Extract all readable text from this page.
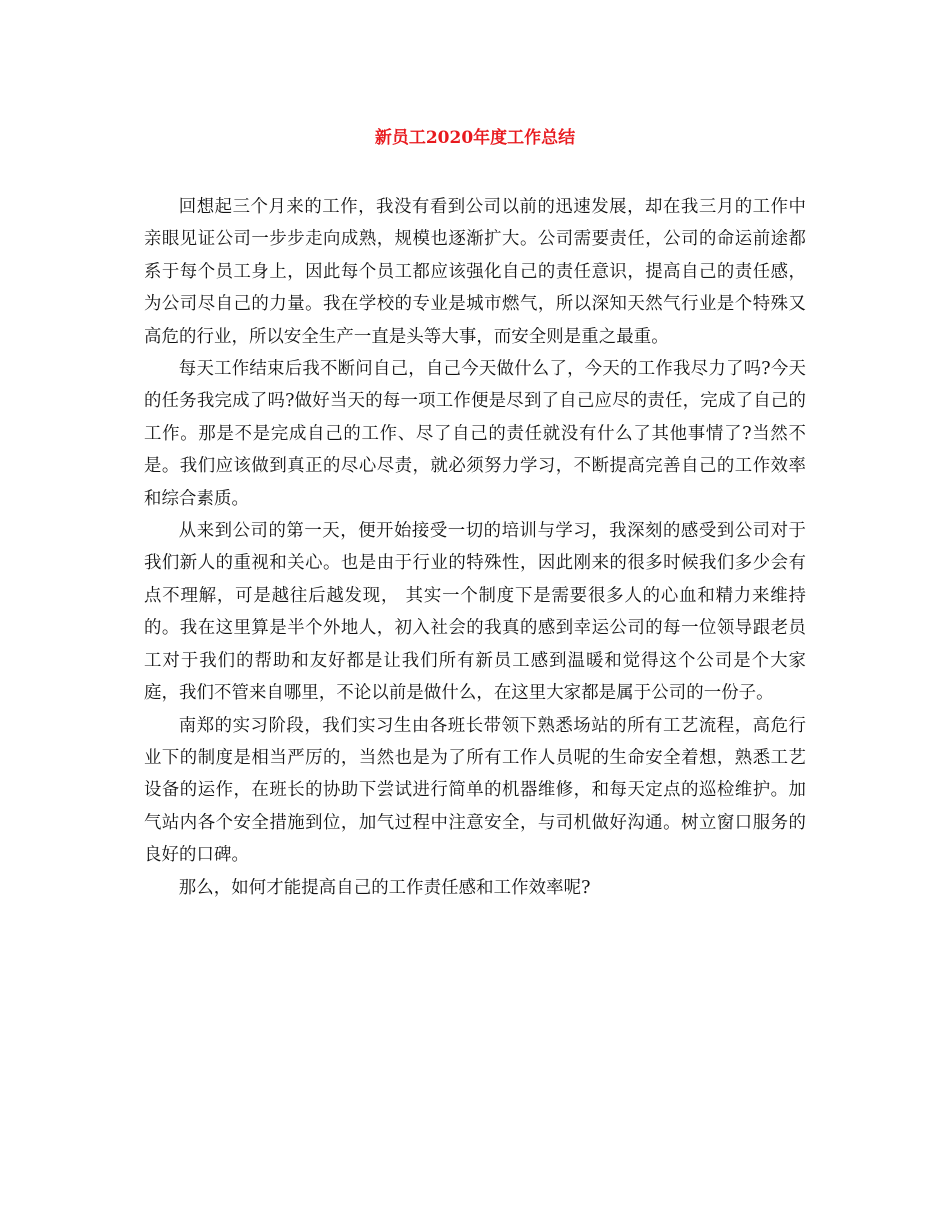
新员工2020年度工作总结

回想起三个月来的工作，我没有看到公司以前的迅速发展，却在我三月的工作中亲眼见证公司一步步走向成熟，规模也逐渐扩大。公司需要责任，公司的命运前途都系于每个员工身上，因此每个员工都应该强化自己的责任意识，提高自己的责任感，为公司尽自己的力量。我在学校的专业是城市燃气，所以深知天然气行业是个特殊又高危的行业，所以安全生产一直是头等大事，而安全则是重之最重。

每天工作结束后我不断问自己，自己今天做什么了，今天的工作我尽力了吗?今天的任务我完成了吗?做好当天的每一项工作便是尽到了自己应尽的责任，完成了自己的工作。那是不是完成自己的工作、尽了自己的责任就没有什么了其他事情了?当然不是。我们应该做到真正的尽心尽责，就必须努力学习，不断提高完善自己的工作效率和综合素质。

从来到公司的第一天，便开始接受一切的培训与学习，我深刻的感受到公司对于我们新人的重视和关心。也是由于行业的特殊性，因此刚来的很多时候我们多少会有点不理解，可是越往后越发现， 其实一个制度下是需要很多人的心血和精力来维持的。我在这里算是半个外地人，初入社会的我真的感到幸运公司的每一位领导跟老员工对于我们的帮助和友好都是让我们所有新员工感到温暖和觉得这个公司是个大家庭，我们不管来自哪里，不论以前是做什么，在这里大家都是属于公司的一份子。

南郑的实习阶段，我们实习生由各班长带领下熟悉场站的所有工艺流程，高危行业下的制度是相当严厉的，当然也是为了所有工作人员呢的生命安全着想，熟悉工艺设备的运作，在班长的协助下尝试进行简单的机器维修，和每天定点的巡检维护。加气站内各个安全措施到位，加气过程中注意安全，与司机做好沟通。树立窗口服务的良好的口碑。

那么，如何才能提高自己的工作责任感和工作效率呢?
